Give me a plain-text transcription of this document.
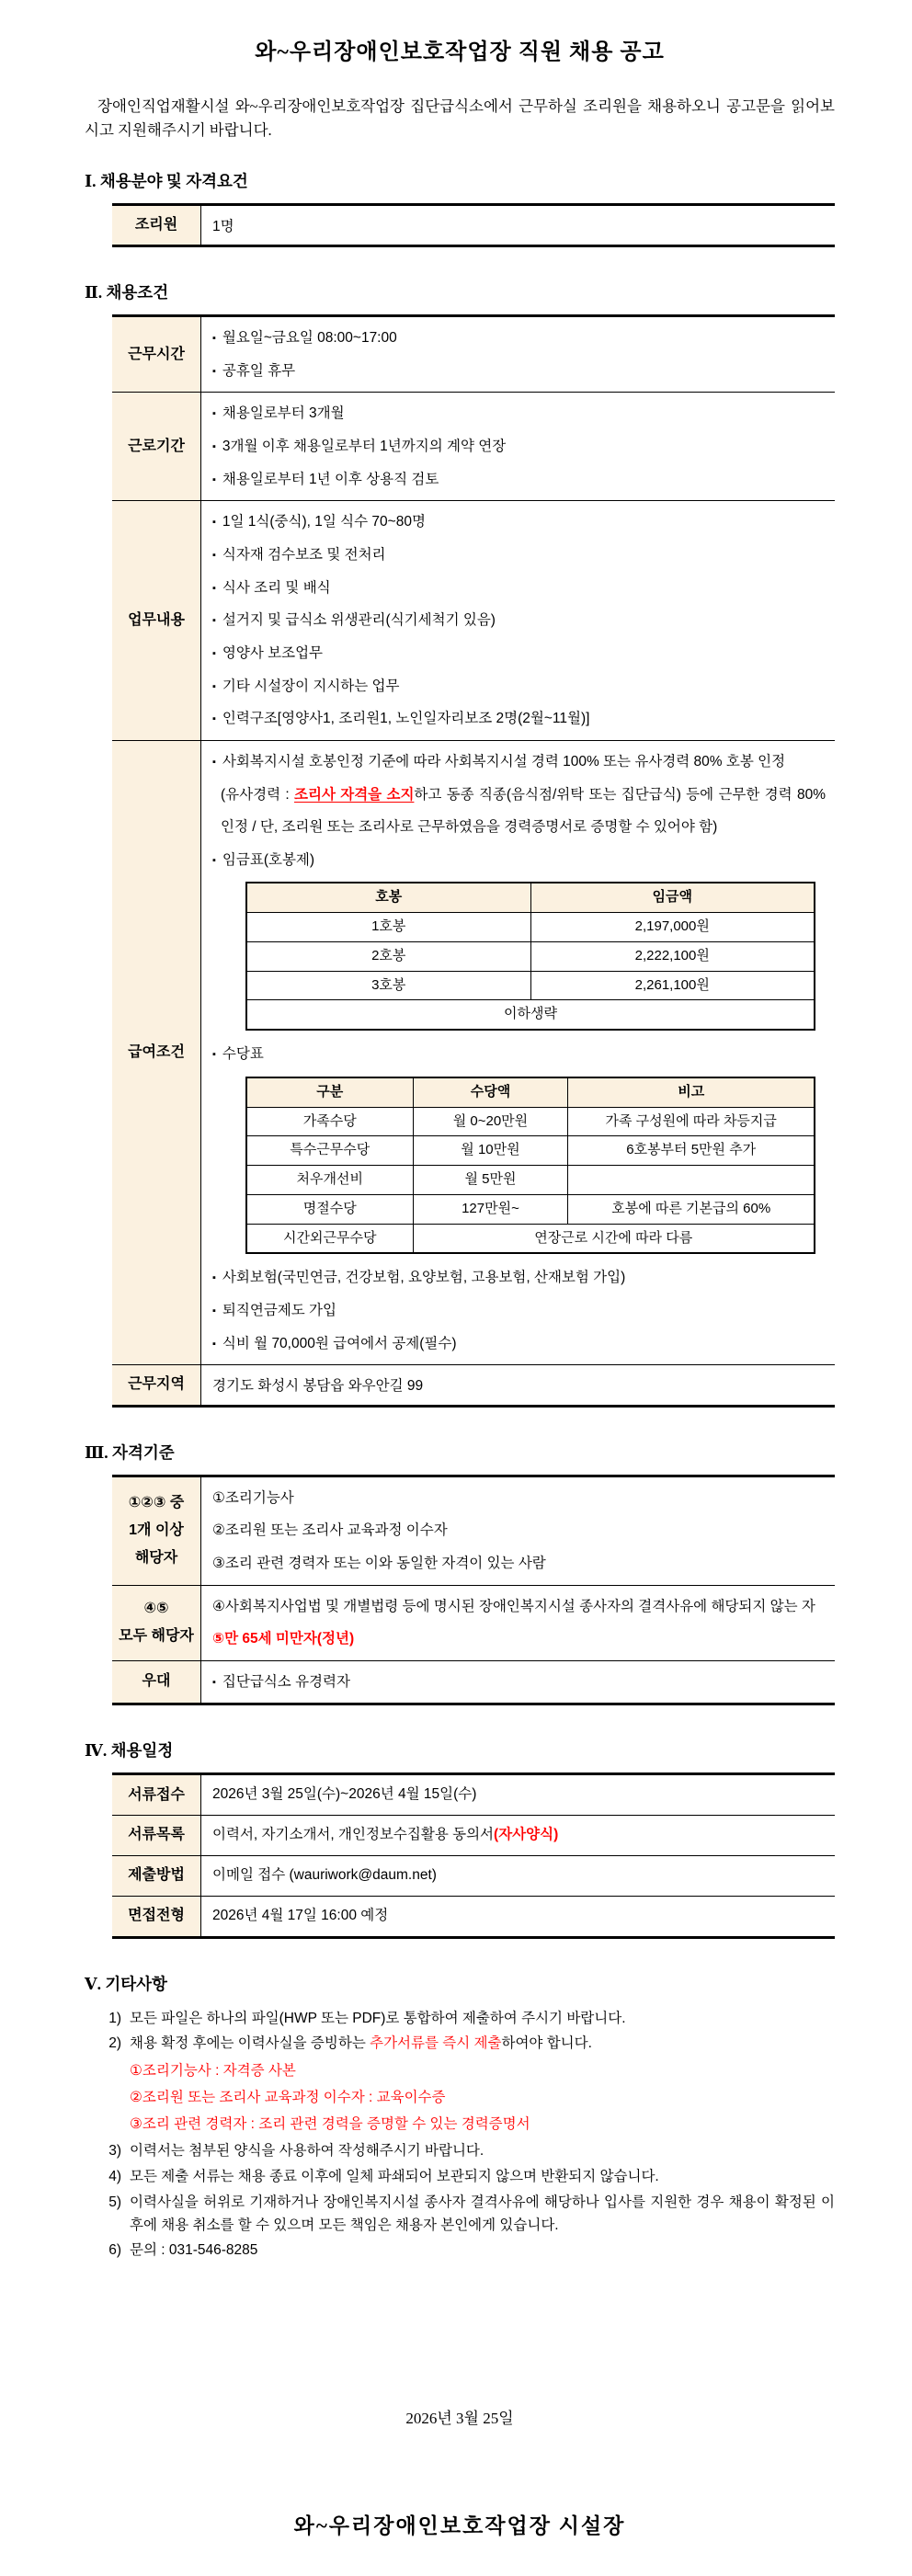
와~우리장애인보호작업장 직원 채용 공고

장애인직업재활시설 와~우리장애인보호작업장 집단급식소에서 근무하실 조리원을 채용하오니 공고문을 읽어보시고 지원해주시기 바랍니다.

Ⅰ. 채용분야 및 자격요건
조리원	1명
Ⅱ. 채용조건
근무시간	
▪ 월요일~금요일 08:00~17:00
▪ 공휴일 휴무

근로기간	
▪ 채용일로부터 3개월
▪ 3개월 이후 채용일로부터 1년까지의 계약 연장
▪ 채용일로부터 1년 이후 상용직 검토

업무내용	
▪ 1일 1식(중식), 1일 식수 70~80명
▪ 식자재 검수보조 및 전처리
▪ 식사 조리 및 배식
▪ 설거지 및 급식소 위생관리(식기세척기 있음)
▪ 영양사 보조업무
▪ 기타 시설장이 지시하는 업무
▪ 인력구조[영양사1, 조리원1, 노인일자리보조 2명(2월~11월)]

급여조건	
▪ 사회복지시설 호봉인정 기준에 따라 사회복지시설 경력 100% 또는 유사경력 80% 호봉 인정
(유사경력 : 조리사 자격을 소지하고 동종 직종(음식점/위탁 또는 집단급식) 등에 근무한 경력 80% 인정 / 단, 조리원 또는 조리사로 근무하였음을 경력증명서로 증명할 수 있어야 함)
▪ 임금표(호봉제)
호봉	임금액
1호봉	2,197,000원
2호봉	2,222,100원
3호봉	2,261,100원
이하생략
▪ 수당표
구분	수당액	비고
가족수당	월 0~20만원	가족 구성원에 따라 차등지급
특수근무수당	월 10만원	6호봉부터 5만원 추가
처우개선비	월 5만원	
명절수당	127만원~	호봉에 따른 기본급의 60%
시간외근무수당	연장근로 시간에 따라 다름
▪ 사회보험(국민연금, 건강보험, 요양보험, 고용보험, 산재보험 가입)
▪ 퇴직연금제도 가입
▪ 식비 월 70,000원 급여에서 공제(필수)

근무지역	경기도 화성시 봉담읍 와우안길 99
Ⅲ. 자격기준
①②③ 중
1개 이상
해당자

①조리기능사
②조리원 또는 조리사 교육과정 이수자
③조리 관련 경력자 또는 이와 동일한 자격이 있는 사람

④⑤
모두 해당자

④사회복지사업법 및 개별법령 등에 명시된 장애인복지시설 종사자의 결격사유에 해당되지 않는 자
⑤만 65세 미만자(정년)

우대	▪ 집단급식소 유경력자
Ⅳ. 채용일정
서류접수	2026년 3월 25일(수)~2026년 4월 15일(수)
서류목록	이력서, 자기소개서, 개인정보수집활용 동의서(자사양식)
제출방법	이메일 접수 (wauriwork@daum.net)
면접전형	2026년 4월 17일 16:00 예정
Ⅴ. 기타사항
1) 모든 파일은 하나의 파일(HWP 또는 PDF)로 통합하여 제출하여 주시기 바랍니다.
2) 채용 확정 후에는 이력사실을 증빙하는 추가서류를 즉시 제출하여야 합니다.
①조리기능사 : 자격증 사본
②조리원 또는 조리사 교육과정 이수자 : 교육이수증
③조리 관련 경력자 : 조리 관련 경력을 증명할 수 있는 경력증명서
3) 이력서는 첨부된 양식을 사용하여 작성해주시기 바랍니다.
4) 모든 제출 서류는 채용 종료 이후에 일체 파쇄되어 보관되지 않으며 반환되지 않습니다.
5) 이력사실을 허위로 기재하거나 장애인복지시설 종사자 결격사유에 해당하나 입사를 지원한 경우 채용이 확정된 이후에 채용 취소를 할 수 있으며 모든 책임은 채용자 본인에게 있습니다.
6) 문의 : 031-546-8285
2026년 3월 25일
와~우리장애인보호작업장 시설장
